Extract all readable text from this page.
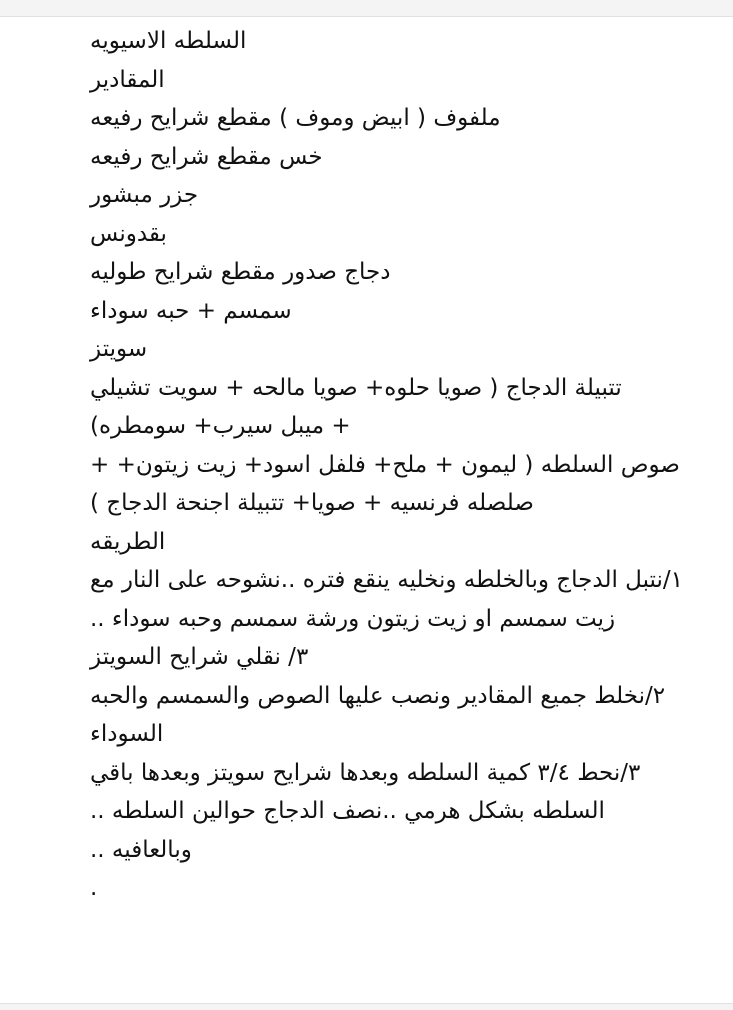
السلطه الاسيويه
المقادير
ملفوف ( ابيض وموف ) مقطع شرايح رفيعه
خس مقطع شرايح رفيعه
جزر مبشور
بقدونس
دجاج صدور مقطع شرايح طوليه
سمسم + حبه سوداء
سويتز
تتبيلة الدجاج ( صويا حلوه+ صويا مالحه + سويت تشيلي
+ ميبل سيرب+ سومطره)
صوص السلطه ( ليمون + ملح+ فلفل اسود+ زيت زيتون+ + صلصله فرنسيه + صويا+ تتبيلة اجنحة الدجاج )
الطريقه
١/نتبل الدجاج وبالخلطه ونخليه ينقع فتره ..نشوحه على النار مع زيت سمسم او زيت زيتون ورشة سمسم وحبه سوداء ..
٣/ نقلي شرايح السويتز
٢/نخلط جميع المقادير ونصب عليها الصوص والسمسم والحبه السوداء
٣/نحط ٣/٤ كمية السلطه وبعدها شرايح سويتز وبعدها باقي السلطه بشكل هرمي ..نصف الدجاج حوالين السلطه ..
وبالعافيه ..
.
